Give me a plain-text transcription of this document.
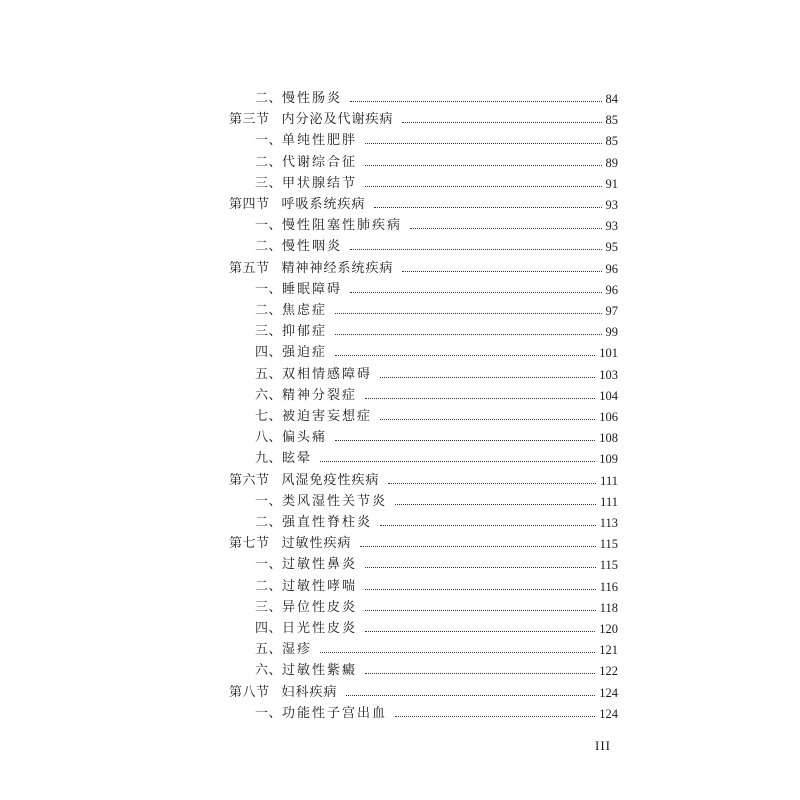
二、 慢性肠炎	84
第三节 内分泌及代谢疾病	85
一、 单纯性肥胖	85
二、 代谢综合征	89
三、 甲状腺结节	91
第四节 呼吸系统疾病	93
一、 慢性阻塞性肺疾病	93
二、 慢性咽炎	95
第五节 精神神经系统疾病	96
一、 睡眠障碍	96
二、 焦虑症	97
三、 抑郁症	99
四、 强迫症	101
五、 双相情感障碍	103
六、 精神分裂症	104
七、 被迫害妄想症	106
八、 偏头痛	108
九、 眩晕	109
第六节 风湿免疫性疾病	111
一、 类风湿性关节炎	111
二、 强直性脊柱炎	113
第七节 过敏性疾病	115
一、 过敏性鼻炎	115
二、 过敏性哮喘	116
三、 异位性皮炎	118
四、 日光性皮炎	120
五、 湿疹	121
六、 过敏性紫癜	122
第八节 妇科疾病	124
一、 功能性子宫出血	124
III
